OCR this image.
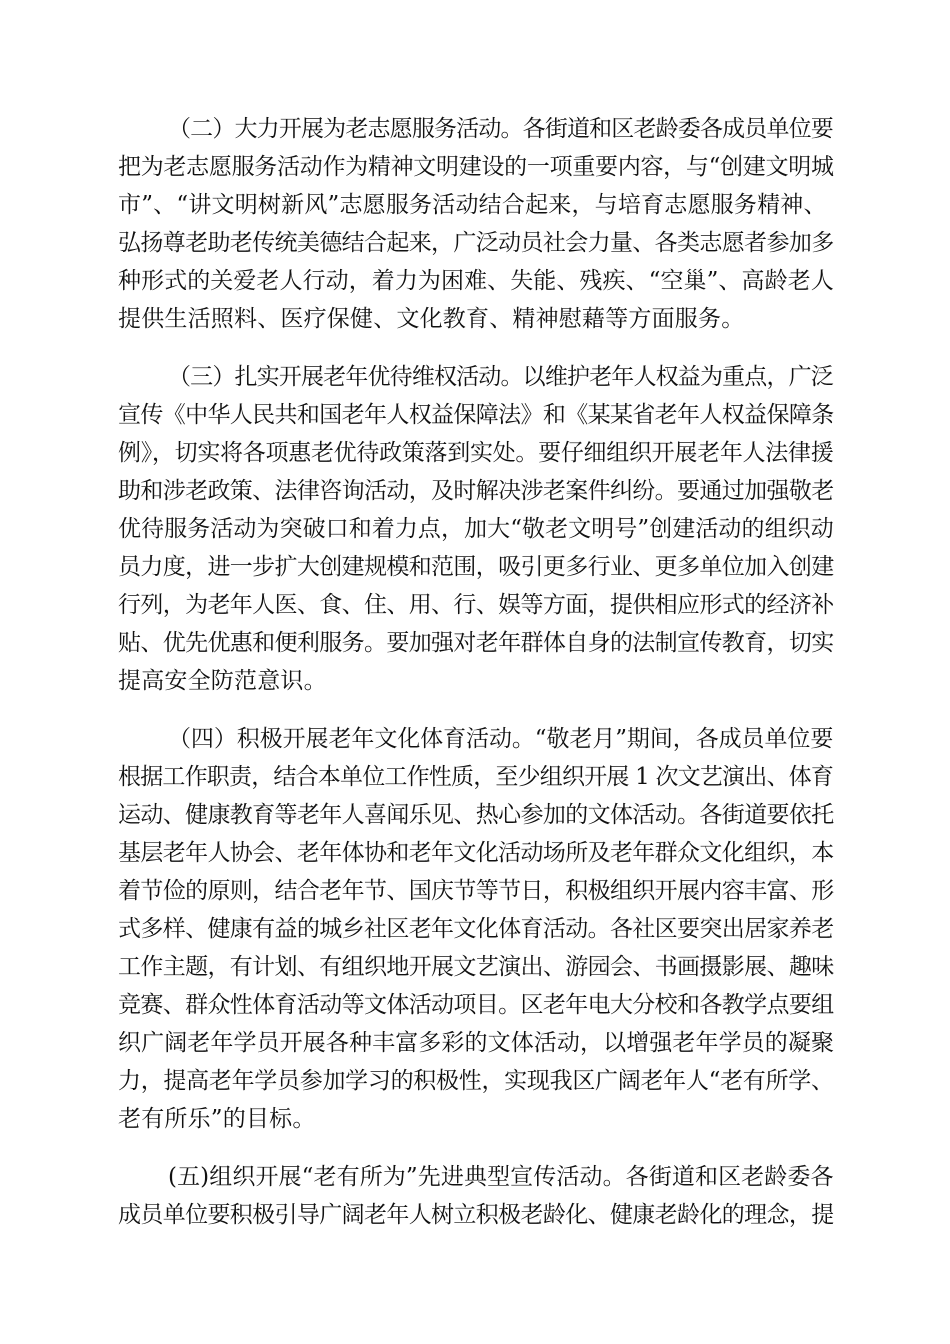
（二）大力开展为老志愿服务活动。各街道和区老龄委各成员单位要
把为老志愿服务活动作为精神文明建设的一项重要内容，与“创建文明城
市”、“讲文明树新风”志愿服务活动结合起来，与培育志愿服务精神、
弘扬尊老助老传统美德结合起来，广泛动员社会力量、各类志愿者参加多
种形式的关爱老人行动，着力为困难、失能、残疾、“空巢”、高龄老人
提供生活照料、医疗保健、文化教育、精神慰藉等方面服务。
（三）扎实开展老年优待维权活动。以维护老年人权益为重点，广泛
宣传《中华人民共和国老年人权益保障法》和《某某省老年人权益保障条
例》，切实将各项惠老优待政策落到实处。要仔细组织开展老年人法律援
助和涉老政策、法律咨询活动，及时解决涉老案件纠纷。要通过加强敬老
优待服务活动为突破口和着力点，加大“敬老文明号”创建活动的组织动
员力度，进一步扩大创建规模和范围，吸引更多行业、更多单位加入创建
行列，为老年人医、食、住、用、行、娱等方面，提供相应形式的经济补
贴、优先优惠和便利服务。要加强对老年群体自身的法制宣传教育，切实
提高安全防范意识。
（四）积极开展老年文化体育活动。“敬老月”期间，各成员单位要
根据工作职责，结合本单位工作性质，至少组织开展 1 次文艺演出、体育
运动、健康教育等老年人喜闻乐见、热心参加的文体活动。各街道要依托
基层老年人协会、老年体协和老年文化活动场所及老年群众文化组织，本
着节俭的原则，结合老年节、国庆节等节日，积极组织开展内容丰富、形
式多样、健康有益的城乡社区老年文化体育活动。各社区要突出居家养老
工作主题，有计划、有组织地开展文艺演出、游园会、书画摄影展、趣味
竞赛、群众性体育活动等文体活动项目。区老年电大分校和各教学点要组
织广阔老年学员开展各种丰富多彩的文体活动，以增强老年学员的凝聚
力，提高老年学员参加学习的积极性，实现我区广阔老年人“老有所学、
老有所乐”的目标。
(五)组织开展“老有所为”先进典型宣传活动。各街道和区老龄委各
成员单位要积极引导广阔老年人树立积极老龄化、健康老龄化的理念，提
